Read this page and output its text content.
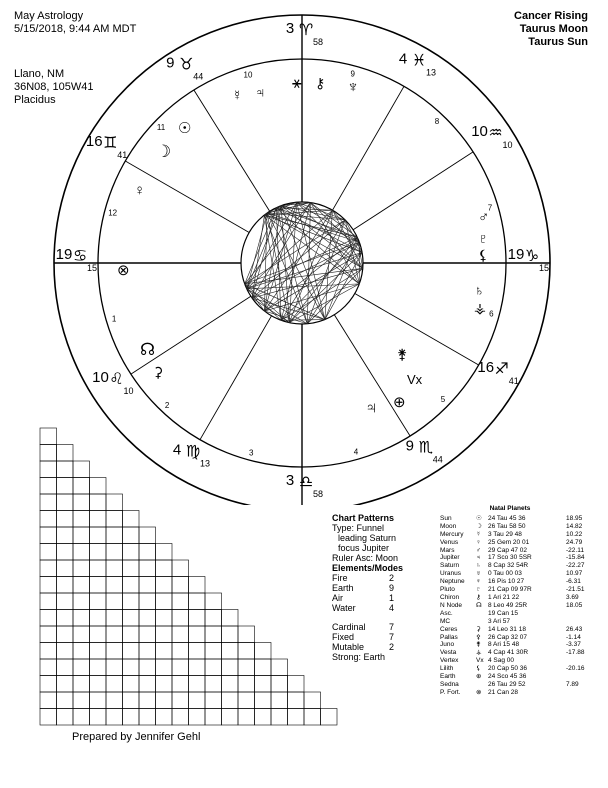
May Astrology
5/15/2018, 9:44 AM MDT
Llano, NM
36N08, 105W41
Placidus
Cancer Rising
Taurus Moon
Taurus Sun
19 ♋
15
10 ♌
10
4 ♍
13
3 ♎
58
9 ♏
44
16 ♐
41
19 ♑
15
10 ♒
10
4 ♓
13
3 ♈
58
9 ♉
44
16 ♊
41
1
2
3	4
5
6
7
8
9
10
11
12
⚹ ⚷
☿ ♃	♆
☉
☽
♀
⊗
☊
⚳
♂
♇
⚸
♄
⚶
⚵
Vx
⊕
♃
Chart Patterns
Type: Funnel
leading Saturn
focus Jupiter
Ruler Asc: Moon
Elements/Modes
Fire	2
Earth	9
Air	1
Water	4
Cardinal	7
Fixed	7
Mutable	2
Strong: Earth
Natal Planets
Sun	☉ 24 Tau 45 36	18.95
Moon	☽ 26 Tau 58 50	14.82
Mercury	☿	3 Tau 29 48	10.22
Venus	♀	25 Gem 20 01	24.79
Mars	♂	29 Cap 47 02	-22.11
Jupiter	♃	17 Sco 30 5SR	-15.84
Saturn	♄	8 Cap 32 54R	-22.27
Uranus	♅	0 Tau 00 03	10.97
Neptune	♆	16 Pis 10 27	-6.31
Pluto	♇	21 Cap 09 97R	-21.51
Chiron	⚷	1 Ari 21 22	3.69
N Node	☊ 8 Leo 49 25R	18.05
Asc.	19 Can 15
MC	3 Ari 57
Ceres	⚳	14 Leo 31 18	26.43
Pallas	⚴	26 Cap 32 07	-1.14
Juno	⚵	8 Ari 15 48	-3.37
Vesta	⚶ 4 Cap 41 30R	-17.88
Vertex	Vx 4 Sag 00
Lilith	⚸	20 Cap 50 36	-20.16
Earth	⊕	24 Sco 45 36
Sedna	26 Tau 29 52	7.89
P. Fort.	⊗	21 Can 28
Prepared by Jennifer Gehl
